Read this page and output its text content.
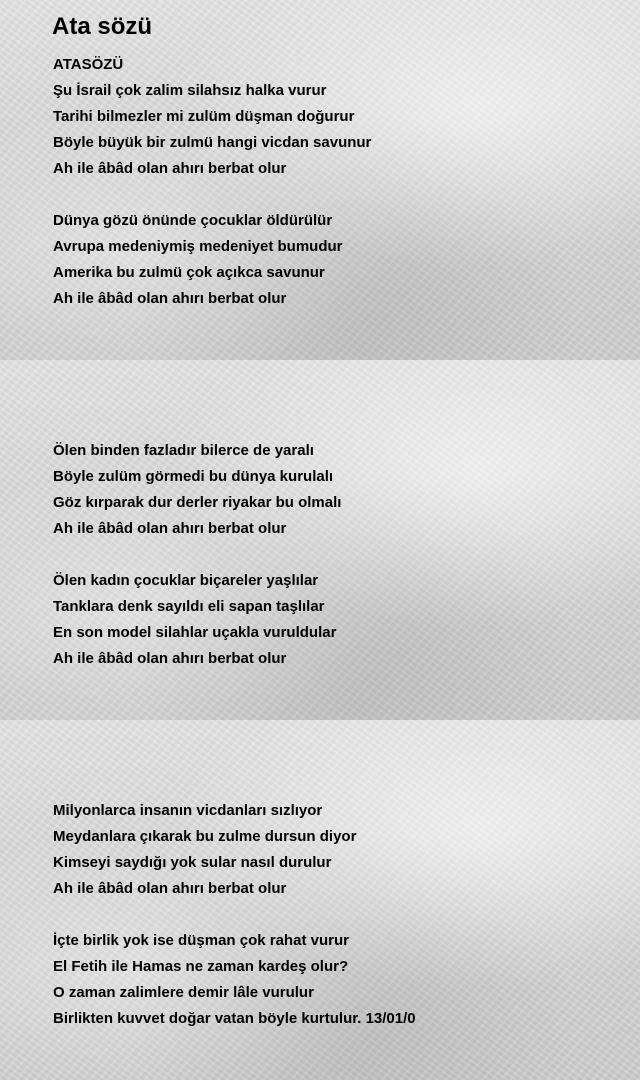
Ata sözü
ATASÖZÜ
Şu İsrail çok zalim silahsız halka vurur
Tarihi bilmezler mi zulüm düşman doğurur
Böyle büyük bir zulmü hangi vicdan savunur
Ah ile âbâd olan ahırı berbat olur
Dünya gözü önünde çocuklar öldürülür
Avrupa medeniymiş medeniyet bumudur
Amerika bu zulmü çok açıkca savunur
Ah ile âbâd olan ahırı berbat olur
Ölen binden fazladır bilerce de yaralı
Böyle zulüm görmedi bu dünya kurulalı
Göz kırparak dur derler riyakar bu olmalı
Ah ile âbâd olan ahırı berbat olur
Ölen kadın çocuklar biçareler yaşlılar
Tanklara denk sayıldı eli sapan taşlılar
En son model silahlar uçakla vuruldular
Ah ile âbâd olan ahırı berbat olur
Milyonlarca insanın vicdanları sızlıyor
Meydanlara çıkarak bu zulme dursun diyor
Kimseyi saydığı yok sular nasıl durulur
Ah ile âbâd olan ahırı berbat olur
İçte birlik yok ise düşman çok rahat vurur
El Fetih ile Hamas ne zaman kardeş olur?
O zaman zalimlere demir lâle vurulur
Birlikten kuvvet doğar vatan böyle kurtulur. 13/01/0
